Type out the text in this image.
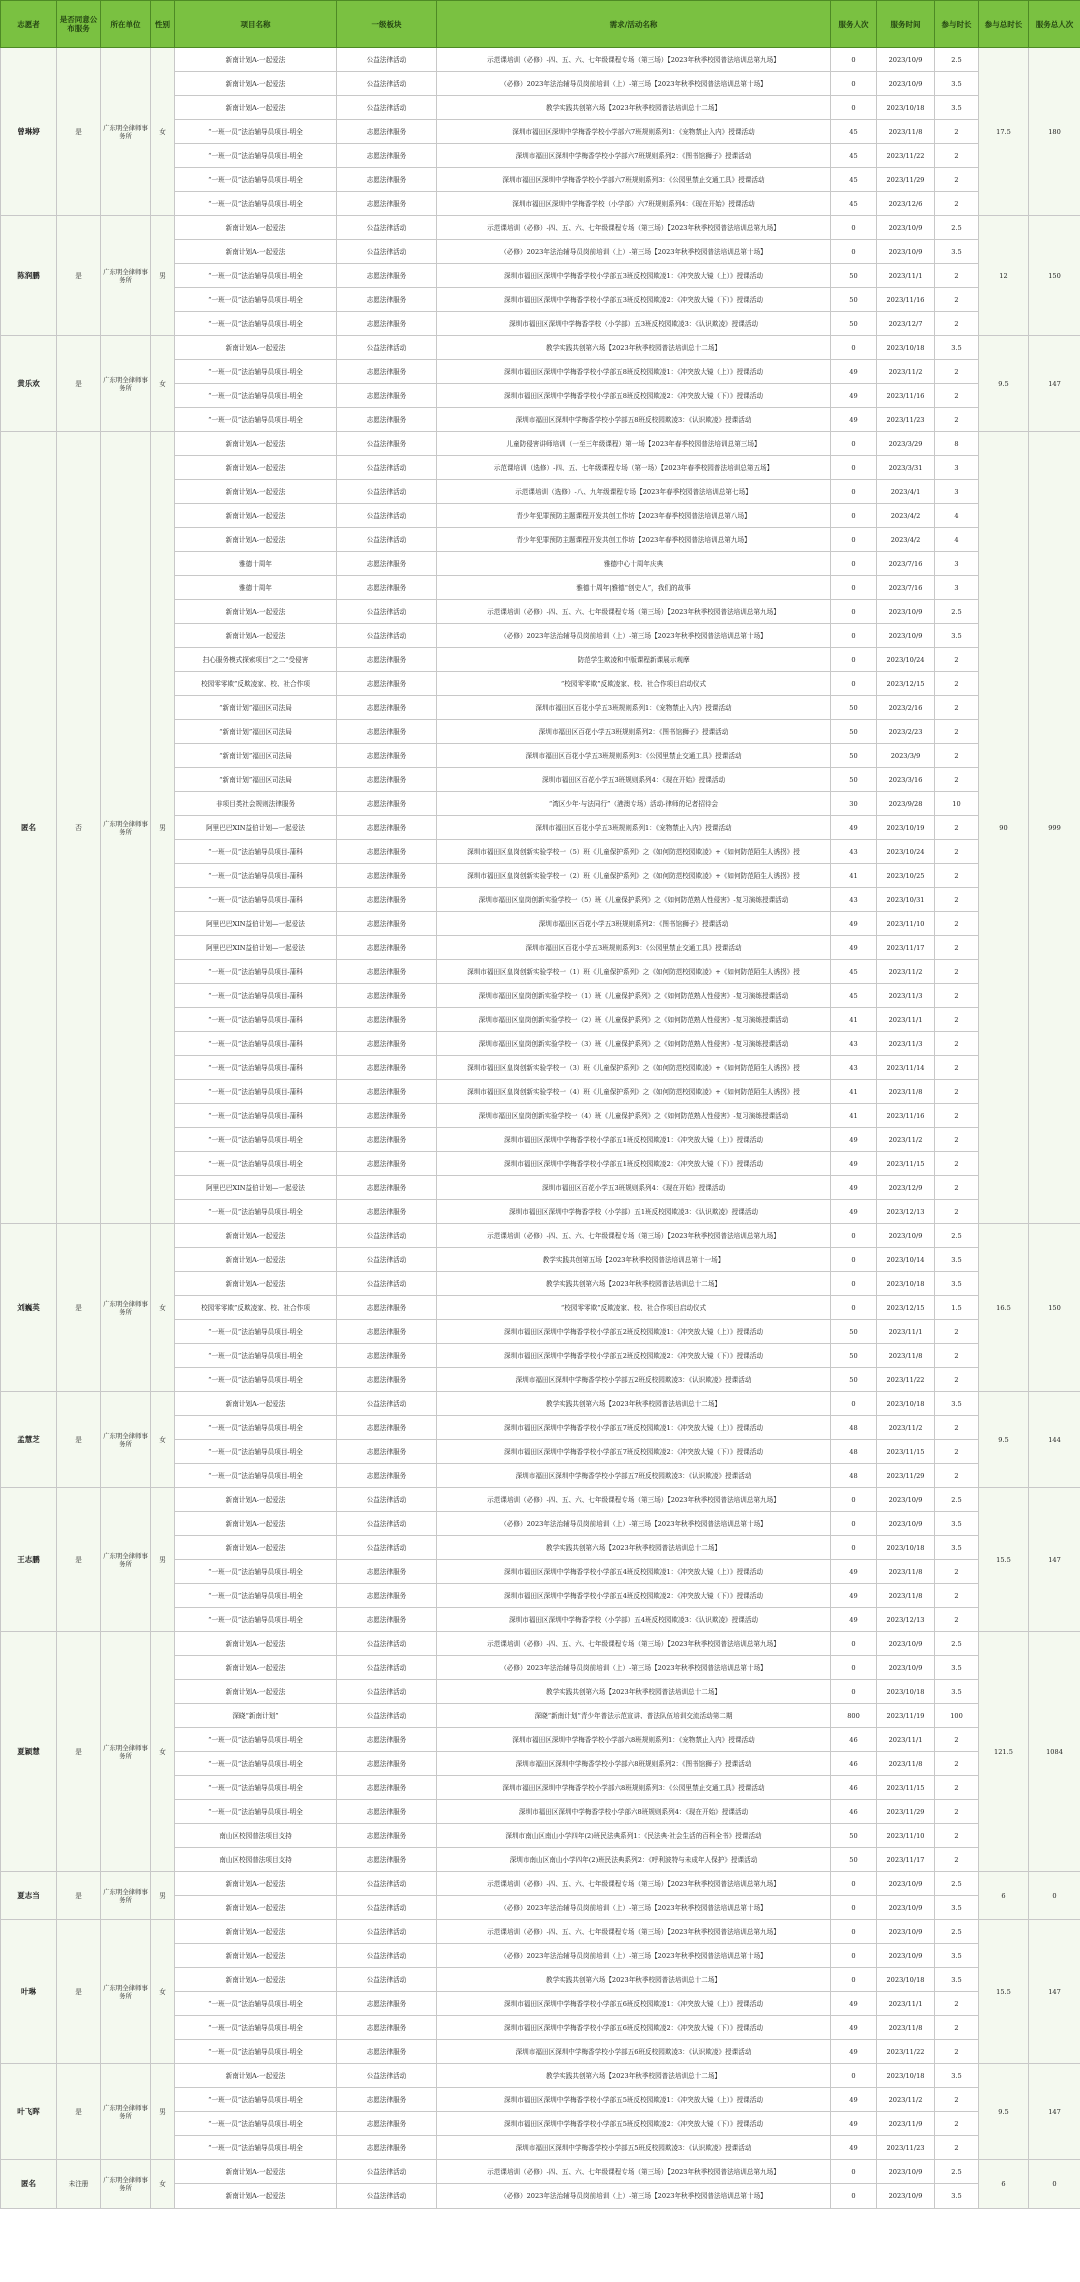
志愿者	是否同意公布服务	所在单位	性别	项目名称	一级板块	需求/活动名称	服务人次	服务时间	参与时长	参与总时长	服务总人次
曾琳婷	是	广东明全律师事务所	女	新南计划A-一起爱法	公益法律活动	示范课培训（必修）-四、五、六、七年级课程专场（第三场）【2023年秋季校园普法培训总第九场】	0	2023/10/9	2.5	17.5	180
				新南计划A-一起爱法	公益法律活动	（必修）2023年法治辅导员岗前培训（上）-第三场【2023年秋季校园普法培训总第十场】	0	2023/10/9	3.5		
				新南计划A-一起爱法	公益法律活动	教学实践共创第六场【2023年秋季校园普法培训总十二场】	0	2023/10/18	3.5		
				“一班一员”法治辅导员项目-明全	志愿法律服务	深圳市福田区深圳中学梅香学校小学部六7班规则系列1：《宠物禁止入内》授课活动	45	2023/11/8	2		
				“一班一员”法治辅导员项目-明全	志愿法律服务	深圳市福田区深圳中学梅香学校小学部六7班规则系列2：《图书馆狮子》授课活动	45	2023/11/22	2		
				“一班一员”法治辅导员项目-明全	志愿法律服务	深圳市福田区深圳中学梅香学校小学部六7班规则系列3：《公园里禁止交通工具》授课活动	45	2023/11/29	2		
				“一班一员”法治辅导员项目-明全	志愿法律服务	深圳市福田区深圳中学梅香学校（小学部）六7班规则系列4：《现在开始》授课活动	45	2023/12/6	2		
陈润鹏	是	广东明全律师事务所	男	新南计划A-一起爱法	公益法律活动	示范课培训（必修）-四、五、六、七年级课程专场（第三场）【2023年秋季校园普法培训总第九场】	0	2023/10/9	2.5	12	150
				新南计划A-一起爱法	公益法律活动	（必修）2023年法治辅导员岗前培训（上）-第三场【2023年秋季校园普法培训总第十场】	0	2023/10/9	3.5		
				“一班一员”法治辅导员项目-明全	志愿法律服务	深圳市福田区深圳中学梅香学校小学部五3班反校园欺凌1：《冲突放大镜（上）》授课活动	50	2023/11/1	2		
				“一班一员”法治辅导员项目-明全	志愿法律服务	深圳市福田区深圳中学梅香学校小学部五3班反校园欺凌2：《冲突放大镜（下）》授课活动	50	2023/11/16	2		
				“一班一员”法治辅导员项目-明全	志愿法律服务	深圳市福田区深圳中学梅香学校（小学部）五3班反校园欺凌3：《认识欺凌》授课活动	50	2023/12/7	2		
黄乐欢	是	广东明全律师事务所	女	新南计划A-一起爱法	公益法律活动	教学实践共创第六场【2023年秋季校园普法培训总十二场】	0	2023/10/18	3.5	9.5	147
				“一班一员”法治辅导员项目-明全	志愿法律服务	深圳市福田区深圳中学梅香学校小学部五8班反校园欺凌1：《冲突放大镜（上）》授课活动	49	2023/11/2	2		
				“一班一员”法治辅导员项目-明全	志愿法律服务	深圳市福田区深圳中学梅香学校小学部五8班反校园欺凌2：《冲突放大镜（下）》授课活动	49	2023/11/16	2		
				“一班一员”法治辅导员项目-明全	志愿法律服务	深圳市福田区深圳中学梅香学校小学部五8班反校园欺凌3：《认识欺凌》授课活动	49	2023/11/23	2		
匿名	否	广东明全律师事务所	男	新南计划A-一起爱法	公益法律服务	儿童防侵害讲师培训（一至三年级课程）第一场【2023年春季校园普法培训总第三场】	0	2023/3/29	8	90	999
				新南计划A-一起爱法	公益法律活动	示范课培训（选修）-四、五、七年级课程专场（第一场）【2023年春季校园普法培训总第五场】	0	2023/3/31	3		
				新南计划A-一起爱法	公益法律活动	示范课培训（选修）-八、九年级课程专场【2023年春季校园普法培训总第七场】	0	2023/4/1	3		
				新南计划A-一起爱法	公益法律活动	青少年犯罪预防主题课程开发共创工作坊【2023年春季校园普法培训总第八场】	0	2023/4/2	4		
				新南计划A-一起爱法	公益法律活动	青少年犯罪预防主题课程开发共创工作坊【2023年春季校园普法培训总第九场】	0	2023/4/2	4		
				雅德十周年	志愿法律服务	雅德中心十周年庆典	0	2023/7/16	3		
				雅德十周年	志愿法律服务	雅德十周年|雅德“创史人”，我们的故事	0	2023/7/16	3		
				新南计划A-一起爱法	公益法律活动	示范课培训（必修）-四、五、六、七年级课程专场（第三场）【2023年秋季校园普法培训总第九场】	0	2023/10/9	2.5		
				新南计划A-一起爱法	公益法律活动	（必修）2023年法治辅导员岗前培训（上）-第三场【2023年秋季校园普法培训总第十场】	0	2023/10/9	3.5		
				扫心服务模式探索项目”之二“受侵害	志愿法律服务	防范学生欺凌和中版课程新课展示观摩	0	2023/10/24	2		
				校园零零欺”反欺凌家、校、社合作项	志愿法律服务	“校园零零欺”反欺凌家、校、社合作项目启动仪式	0	2023/12/15	2		
				“新南计划”福田区司法局	志愿法律服务	深圳市福田区百花小学五3班规则系列1：《宠物禁止入内》授课活动	50	2023/2/16	2		
				“新南计划”福田区司法局	志愿法律服务	深圳市福田区百花小学五3班规则系列2：《图书馆狮子》授课活动	50	2023/2/23	2		
				“新南计划”福田区司法局	志愿法律服务	深圳市福田区百花小学五3班规则系列3：《公园里禁止交通工具》授课活动	50	2023/3/9	2		
				“新南计划”福田区司法局	志愿法律服务	深圳市福田区百花小学五3班规则系列4：《现在开始》授课活动	50	2023/3/16	2		
				非项目类社会规则法律服务	志愿法律服务	“湾区少年·与法同行”（港澳专场）活动-律师的记者招待会	30	2023/9/28	10		
				阿里巴巴XIN益伯计划—一起爱法	志愿法律服务	深圳市福田区百花小学五3班规则系列1：《宠物禁止入内》授课活动	49	2023/10/19	2		
				“一班一员”法治辅导员项目-蒲科	志愿法律服务	深圳市福田区皇岗创新实验学校一（5）班《儿童保护系列》之《如何防范校园欺凌》+《如何防范陌生人诱拐》授	43	2023/10/24	2		
				“一班一员”法治辅导员项目-蒲科	志愿法律服务	深圳市福田区皇岗创新实验学校一（2）班《儿童保护系列》之《如何防范校园欺凌》+《如何防范陌生人诱拐》授	41	2023/10/25	2		
				“一班一员”法治辅导员项目-蒲科	志愿法律服务	深圳市福田区皇岗创新实验学校一（5）班《儿童保护系列》之《如何防范熟人性侵害》-复习演练授课活动	43	2023/10/31	2		
				阿里巴巴XIN益伯计划—一起爱法	志愿法律服务	深圳市福田区百花小学五3班规则系列2：《图书馆狮子》授课活动	49	2023/11/10	2		
				阿里巴巴XIN益伯计划—一起爱法	志愿法律服务	深圳市福田区百花小学五3班规则系列3：《公园里禁止交通工具》授课活动	49	2023/11/17	2		
				“一班一员”法治辅导员项目-蒲科	志愿法律服务	深圳市福田区皇岗创新实验学校一（1）班《儿童保护系列》之《如何防范校园欺凌》+《如何防范陌生人诱拐》授	45	2023/11/2	2		
				“一班一员”法治辅导员项目-蒲科	志愿法律服务	深圳市福田区皇岗创新实验学校一（1）班《儿童保护系列》之《如何防范熟人性侵害》-复习演练授课活动	45	2023/11/3	2		
				“一班一员”法治辅导员项目-蒲科	志愿法律服务	深圳市福田区皇岗创新实验学校一（2）班《儿童保护系列》之《如何防范熟人性侵害》-复习演练授课活动	41	2023/11/1	2		
				“一班一员”法治辅导员项目-蒲科	志愿法律服务	深圳市福田区皇岗创新实验学校一（3）班《儿童保护系列》之《如何防范熟人性侵害》-复习演练授课活动	43	2023/11/3	2		
				“一班一员”法治辅导员项目-蒲科	志愿法律服务	深圳市福田区皇岗创新实验学校一（3）班《儿童保护系列》之《如何防范校园欺凌》+《如何防范陌生人诱拐》授	43	2023/11/14	2		
				“一班一员”法治辅导员项目-蒲科	志愿法律服务	深圳市福田区皇岗创新实验学校一（4）班《儿童保护系列》之《如何防范校园欺凌》+《如何防范陌生人诱拐》授	41	2023/11/8	2		
				“一班一员”法治辅导员项目-蒲科	志愿法律服务	深圳市福田区皇岗创新实验学校一（4）班《儿童保护系列》之《如何防范熟人性侵害》-复习演练授课活动	41	2023/11/16	2		
				“一班一员”法治辅导员项目-明全	志愿法律服务	深圳市福田区深圳中学梅香学校小学部五1班反校园欺凌1：《冲突放大镜（上）》授课活动	49	2023/11/2	2		
				“一班一员”法治辅导员项目-明全	志愿法律服务	深圳市福田区深圳中学梅香学校小学部五1班反校园欺凌2：《冲突放大镜（下）》授课活动	49	2023/11/15	2		
				阿里巴巴XIN益伯计划—一起爱法	志愿法律服务	深圳市福田区百花小学五3班规则系列4：《现在开始》授课活动	49	2023/12/9	2		
				“一班一员”法治辅导员项目-明全	志愿法律服务	深圳市福田区深圳中学梅香学校（小学部）五1班反校园欺凌3：《认识欺凌》授课活动	49	2023/12/13	2		
刘巍英	是	广东明全律师事务所	女	新南计划A-一起爱法	公益法律活动	示范课培训（必修）-四、五、六、七年级课程专场（第三场）【2023年秋季校园普法培训总第九场】	0	2023/10/9	2.5	16.5	150
				新南计划A-一起爱法	公益法律活动	教学实践共创第五场【2023年秋季校园普法培训总第十一场】	0	2023/10/14	3.5		
				新南计划A-一起爱法	公益法律活动	教学实践共创第六场【2023年秋季校园普法培训总十二场】	0	2023/10/18	3.5		
				校园零零欺”反欺凌家、校、社合作项	志愿法律服务	“校园零零欺”反欺凌家、校、社合作项目启动仪式	0	2023/12/15	1.5		
				“一班一员”法治辅导员项目-明全	志愿法律服务	深圳市福田区深圳中学梅香学校小学部五2班反校园欺凌1：《冲突放大镜（上）》授课活动	50	2023/11/1	2		
				“一班一员”法治辅导员项目-明全	志愿法律服务	深圳市福田区深圳中学梅香学校小学部五2班反校园欺凌2：《冲突放大镜（下）》授课活动	50	2023/11/8	2		
				“一班一员”法治辅导员项目-明全	志愿法律服务	深圳市福田区深圳中学梅香学校小学部五2班反校园欺凌3：《认识欺凌》授课活动	50	2023/11/22	2		
孟慧芝	是	广东明全律师事务所	女	新南计划A-一起爱法	公益法律活动	教学实践共创第六场【2023年秋季校园普法培训总十二场】	0	2023/10/18	3.5	9.5	144
				“一班一员”法治辅导员项目-明全	志愿法律服务	深圳市福田区深圳中学梅香学校小学部五7班反校园欺凌1：《冲突放大镜（上）》授课活动	48	2023/11/2	2		
				“一班一员”法治辅导员项目-明全	志愿法律服务	深圳市福田区深圳中学梅香学校小学部五7班反校园欺凌2：《冲突放大镜（下）》授课活动	48	2023/11/15	2		
				“一班一员”法治辅导员项目-明全	志愿法律服务	深圳市福田区深圳中学梅香学校小学部五7班反校园欺凌3：《认识欺凌》授课活动	48	2023/11/29	2		
王志鹏	是	广东明全律师事务所	男	新南计划A-一起爱法	公益法律活动	示范课培训（必修）-四、五、六、七年级课程专场（第三场）【2023年秋季校园普法培训总第九场】	0	2023/10/9	2.5	15.5	147
				新南计划A-一起爱法	公益法律活动	（必修）2023年法治辅导员岗前培训（上）-第三场【2023年秋季校园普法培训总第十场】	0	2023/10/9	3.5		
				新南计划A-一起爱法	公益法律活动	教学实践共创第六场【2023年秋季校园普法培训总十二场】	0	2023/10/18	3.5		
				“一班一员”法治辅导员项目-明全	志愿法律服务	深圳市福田区深圳中学梅香学校小学部五4班反校园欺凌1：《冲突放大镜（上）》授课活动	49	2023/11/8	2		
				“一班一员”法治辅导员项目-明全	志愿法律服务	深圳市福田区深圳中学梅香学校小学部五4班反校园欺凌2：《冲突放大镜（下）》授课活动	49	2023/11/8	2		
				“一班一员”法治辅导员项目-明全	志愿法律服务	深圳市福田区深圳中学梅香学校（小学部）五4班反校园欺凌3：《认识欺凌》授课活动	49	2023/12/13	2		
夏颖慧	是	广东明全律师事务所	女	新南计划A-一起爱法	公益法律活动	示范课培训（必修）-四、五、六、七年级课程专场（第三场）【2023年秋季校园普法培训总第九场】	0	2023/10/9	2.5	121.5	1084
				新南计划A-一起爱法	公益法律活动	（必修）2023年法治辅导员岗前培训（上）-第三场【2023年秋季校园普法培训总第十场】	0	2023/10/9	3.5		
				新南计划A-一起爱法	公益法律活动	教学实践共创第六场【2023年秋季校园普法培训总十二场】	0	2023/10/18	3.5		
				深晓“新南计划”	公益法律活动	深晓“新南计划”青少年普法示范宣讲、普法队伍培训交流活动第二期	800	2023/11/19	100		
				“一班一员”法治辅导员项目-明全	志愿法律服务	深圳市福田区深圳中学梅香学校小学部六8班规则系列1：《宠物禁止入内》授课活动	46	2023/11/1	2		
				“一班一员”法治辅导员项目-明全	志愿法律服务	深圳市福田区深圳中学梅香学校小学部六8班规则系列2：《图书馆狮子》授课活动	46	2023/11/8	2		
				“一班一员”法治辅导员项目-明全	志愿法律服务	深圳市福田区深圳中学梅香学校小学部六8班规则系列3：《公园里禁止交通工具》授课活动	46	2023/11/15	2		
				“一班一员”法治辅导员项目-明全	志愿法律服务	深圳市福田区深圳中学梅香学校小学部六8班规则系列4：《现在开始》授课活动	46	2023/11/29	2		
				南山区校园普法项目支持	志愿法律服务	深圳市南山区南山小学四年(2)班民法典系列1：《民法典·社会生活的百科全书》授课活动	50	2023/11/10	2		
				南山区校园普法项目支持	志愿法律服务	深圳市南山区南山小学四年(2)班民法典系列2：《呼利波特与未成年人保护》授课活动	50	2023/11/17	2		
夏志当	是	广东明全律师事务所	男	新南计划A-一起爱法	公益法律活动	示范课培训（必修）-四、五、六、七年级课程专场（第三场）【2023年秋季校园普法培训总第九场】	0	2023/10/9	2.5	6	0
				新南计划A-一起爱法	公益法律活动	（必修）2023年法治辅导员岗前培训（上）-第三场【2023年秋季校园普法培训总第十场】	0	2023/10/9	3.5		
叶琳	是	广东明全律师事务所	女	新南计划A-一起爱法	公益法律活动	示范课培训（必修）-四、五、六、七年级课程专场（第三场）【2023年秋季校园普法培训总第九场】	0	2023/10/9	2.5	15.5	147
				新南计划A-一起爱法	公益法律活动	（必修）2023年法治辅导员岗前培训（上）-第三场【2023年秋季校园普法培训总第十场】	0	2023/10/9	3.5		
				新南计划A-一起爱法	公益法律活动	教学实践共创第六场【2023年秋季校园普法培训总十二场】	0	2023/10/18	3.5		
				“一班一员”法治辅导员项目-明全	志愿法律服务	深圳市福田区深圳中学梅香学校小学部五6班反校园欺凌1：《冲突放大镜（上）》授课活动	49	2023/11/1	2		
				“一班一员”法治辅导员项目-明全	志愿法律服务	深圳市福田区深圳中学梅香学校小学部五6班反校园欺凌2：《冲突放大镜（下）》授课活动	49	2023/11/8	2		
				“一班一员”法治辅导员项目-明全	志愿法律服务	深圳市福田区深圳中学梅香学校小学部五6班反校园欺凌3：《认识欺凌》授课活动	49	2023/11/22	2		
叶飞晖	是	广东明全律师事务所	男	新南计划A-一起爱法	公益法律活动	教学实践共创第六场【2023年秋季校园普法培训总十二场】	0	2023/10/18	3.5	9.5	147
				“一班一员”法治辅导员项目-明全	志愿法律服务	深圳市福田区深圳中学梅香学校小学部五5班反校园欺凌1：《冲突放大镜（上）》授课活动	49	2023/11/2	2		
				“一班一员”法治辅导员项目-明全	志愿法律服务	深圳市福田区深圳中学梅香学校小学部五5班反校园欺凌2：《冲突放大镜（下）》授课活动	49	2023/11/9	2		
				“一班一员”法治辅导员项目-明全	志愿法律服务	深圳市福田区深圳中学梅香学校小学部五5班反校园欺凌3：《认识欺凌》授课活动	49	2023/11/23	2		
匿名	未注册	广东明全律师事务所	女	新南计划A-一起爱法	公益法律活动	示范课培训（必修）-四、五、六、七年级课程专场（第三场）【2023年秋季校园普法培训总第九场】	0	2023/10/9	2.5	6	0
				新南计划A-一起爱法	公益法律活动	（必修）2023年法治辅导员岗前培训（上）-第三场【2023年秋季校园普法培训总第十场】	0	2023/10/9	3.5		
